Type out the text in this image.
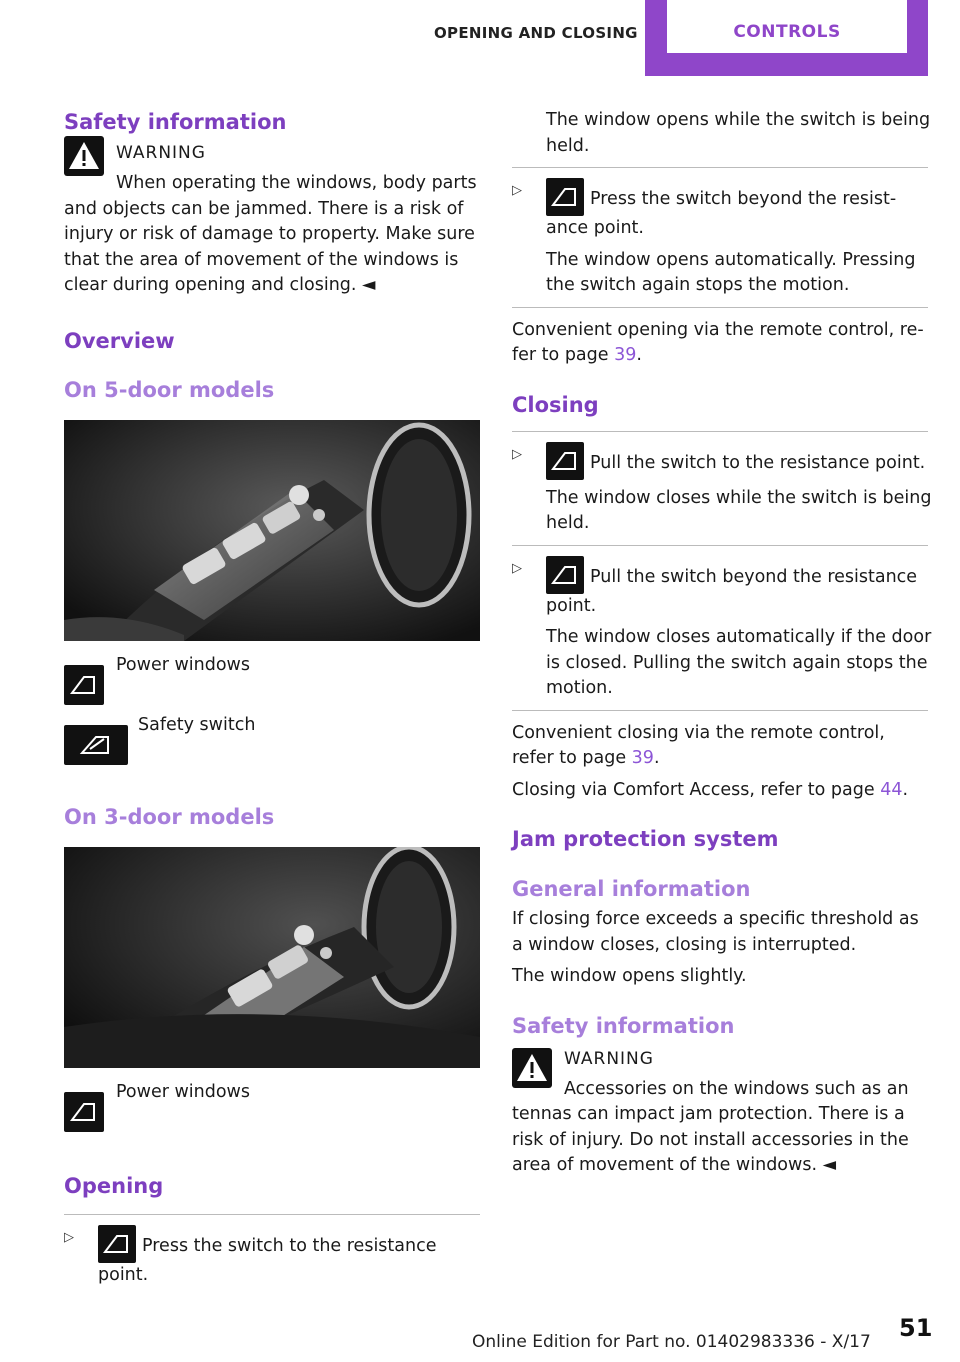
OPENING AND CLOSING	CONTROLS
Safety information
WARNING
When operating the windows, body parts
and objects can be jammed. There is a risk of injury or risk of damage to property. Make sure that the area of movement of the windows is clear during opening and closing. ◄
Overview
On 5-door models
Power windows
Safety switch
On 3-door models
Power windows
Opening
▷	Press the switch to the resistance point.
The window opens while the switch is being held.
▷	Press the switch beyond the resistance point.
The window opens automatically. Pressing the switch again stops the motion.
Convenient opening via the remote control, refer to page 39.
Closing
▷	Pull the switch to the resistance point.
The window closes while the switch is being held.
▷	Pull the switch beyond the resistance point.
The window closes automatically if the door is closed. Pulling the switch again stops the motion.
Convenient closing via the remote control, refer to page 39.
Closing via Comfort Access, refer to page 44.
Jam protection system
General information
If closing force exceeds a specific threshold as a window closes, closing is interrupted.
The window opens slightly.
Safety information
WARNING
Accessories on the windows such as an
tennas can impact jam protection. There is a risk of injury. Do not install accessories in the area of movement of the windows. ◄
51
Online Edition for Part no. 01402983336 - X/17
